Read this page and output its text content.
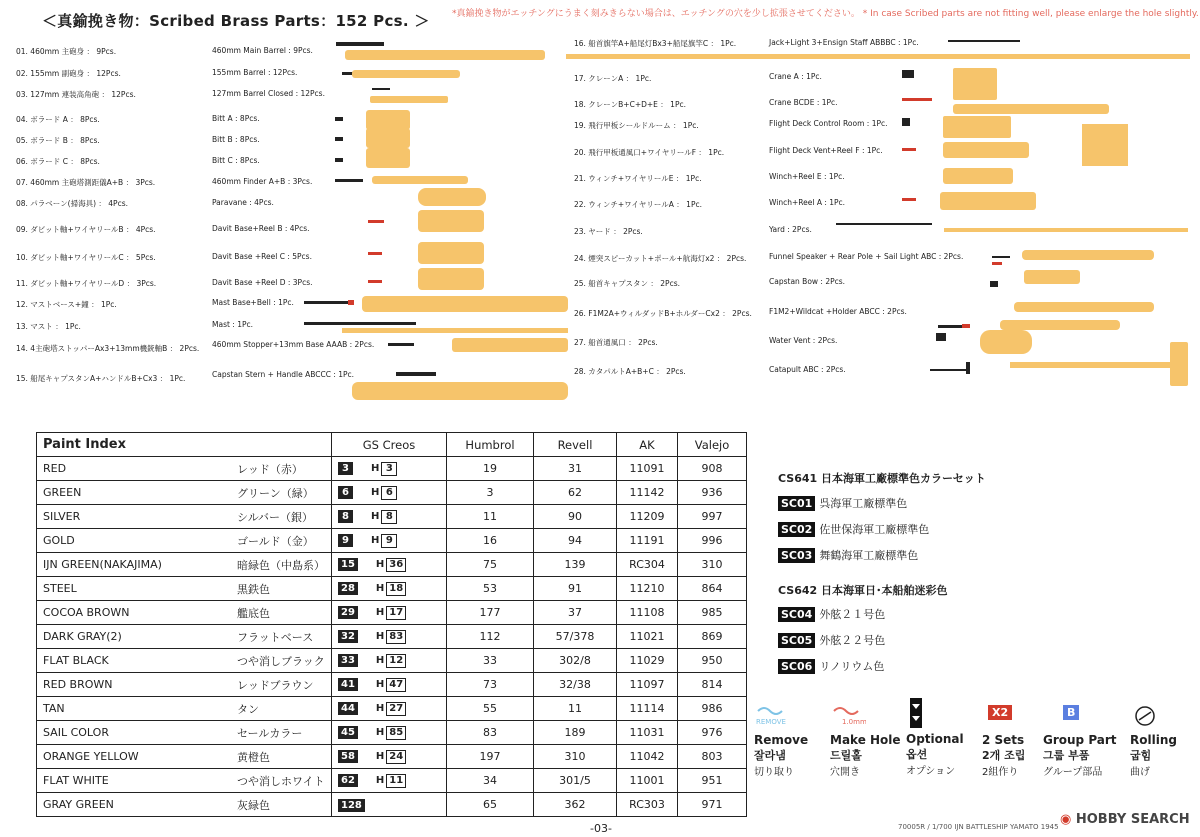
＜真鍮挽き物：Scribed Brass Parts：152 Pcs. ＞ *真鍮挽き物がエッチングにうまく刻みきらない場合は、エッチングの穴を少し拡張させてください。 * In case Scribed parts are not fitting well, please enlarge the hole slightly.
01. 460mm 主砲身 ： 9Pcs.	460mm Main Barrel : 9Pcs.
02. 155mm 副砲身 ： 12Pcs.	155mm Barrel : 12Pcs.
03. 127mm 連装高角砲 ： 12Pcs.	127mm Barrel Closed : 12Pcs.
04. ボラード A ： 8Pcs.	Bitt A : 8Pcs.
05. ボラード B ： 8Pcs.	Bitt B : 8Pcs.
06. ボラード C ： 8Pcs.	Bitt C : 8Pcs.
07. 460mm 主砲塔測距儀A+B ： 3Pcs.	460mm Finder A+B : 3Pcs.
08. パラベーン(掃海具) ： 4Pcs.	Paravane : 4Pcs.
09. ダビット軸+ワイヤリールB ： 4Pcs.	Davit Base+Reel B : 4Pcs.
10. ダビット軸+ワイヤリールC ： 5Pcs.	Davit Base +Reel C : 5Pcs.
11. ダビット軸+ワイヤリールD ： 3Pcs.	Davit Base +Reel D : 3Pcs.
12. マストベース+鐘 ： 1Pc.	Mast Base+Bell : 1Pc.
13. マスト ： 1Pc.	Mast : 1Pc.
14. 4主砲塔ストッパーAx3+13mm機銃軸B ： 2Pcs. 460mm Stopper+13mm Base AAAB : 2Pcs.
15. 船尾キャプスタンA+ハンドルB+Cx3 ： 1Pc.	Capstan Stern + Handle ABCCC : 1Pc.
16. 船首旗竿A+船尾灯Bx3+船尾旗竿C ： 1Pc.	Jack+Light 3+Ensign Staff ABBBC : 1Pc.
17. クレーンA ： 1Pc.	Crane A : 1Pc.
18. クレーンB+C+D+E ： 1Pc.	Crane BCDE : 1Pc.
19. 飛行甲板シールドルーム ： 1Pc.	Flight Deck Control Room : 1Pc.
20. 飛行甲板通風口+ワイヤリールF ： 1Pc.	Flight Deck Vent+Reel F : 1Pc.
21. ウィンチ+ワイヤリールE ： 1Pc.	Winch+Reel E : 1Pc.
22. ウィンチ+ワイヤリールA ： 1Pc.	Winch+Reel A : 1Pc.
23. ヤード ： 2Pcs.	Yard : 2Pcs.
24. 煙突スピーカット+ポール+航海灯x2 ： 2Pcs.	Funnel Speaker + Rear Pole + Sail Light ABC : 2Pcs.
25. 船首キャプスタン ： 2Pcs.	Capstan Bow : 2Pcs.
26. F1M2A+ウィルダッドB+ホルダーCx2 ： 2Pcs. F1M2+Wildcat +Holder ABCC : 2Pcs.
27. 船首通風口 ： 2Pcs.	Water Vent : 2Pcs.
28. カタパルトA+B+C ： 2Pcs.	Catapult ABC : 2Pcs.
Paint Index		GS Creos	Humbrol	Revell	AK	Valejo
RED	レッド（赤）	3 H 3	19	31	11091	908
GREEN	グリーン（緑）	6 H 6	3	62	11142	936
SILVER	シルバー（銀）	8 H 8	11	90	11209	997
GOLD	ゴールド（金）	9 H 9	16	94	11191	996
IJN GREEN(NAKAJIMA)	暗緑色（中島系）	15 H 36	75	139	RC304	310
STEEL	黒鉄色	28 H 18	53	91	11210	864
COCOA BROWN	艦底色	29 H 17	177	37	11108	985
DARK GRAY(2)	フラットベース	32 H 83	112	57/378	11021	869
FLAT BLACK	つや消しブラック	33 H 12	33	302/8	11029	950
RED BROWN	レッドブラウン	41 H 47	73	32/38	11097	814
TAN	タン	44 H 27	55	11	11114	986
SAIL COLOR	セールカラー	45 H 85	83	189	11031	976
ORANGE YELLOW	黄橙色	58 H 24	197	310	11042	803
FLAT WHITE	つや消しホワイト	62 H 11	34	301/5	11001	951
GRAY GREEN	灰緑色	128	65	362	RC303	971
CS641 日本海軍工廠標準色カラーセット
SC01 呉海軍工廠標準色
SC02 佐世保海軍工廠標準色
SC03 舞鶴海軍工廠標準色
CS642 日本海軍日･本船舶迷彩色
SC04 外舷２１号色
SC05 外舷２２号色
SC06 リノリウム色
REMOVE
Remove
잘라냄
切り取り
1.0mm
Make Hole
드릴홀
穴開き
Optional
옵션
オプション
X2
2 Sets
2개 조립
2組作り
B
Group Part
그룹 부품
グループ部品
Rolling
굽힘
曲げ
-03-	70005R / 1/700 IJN BATTLESHIP YAMATO 1945 ◉ HOBBY SEARCH
